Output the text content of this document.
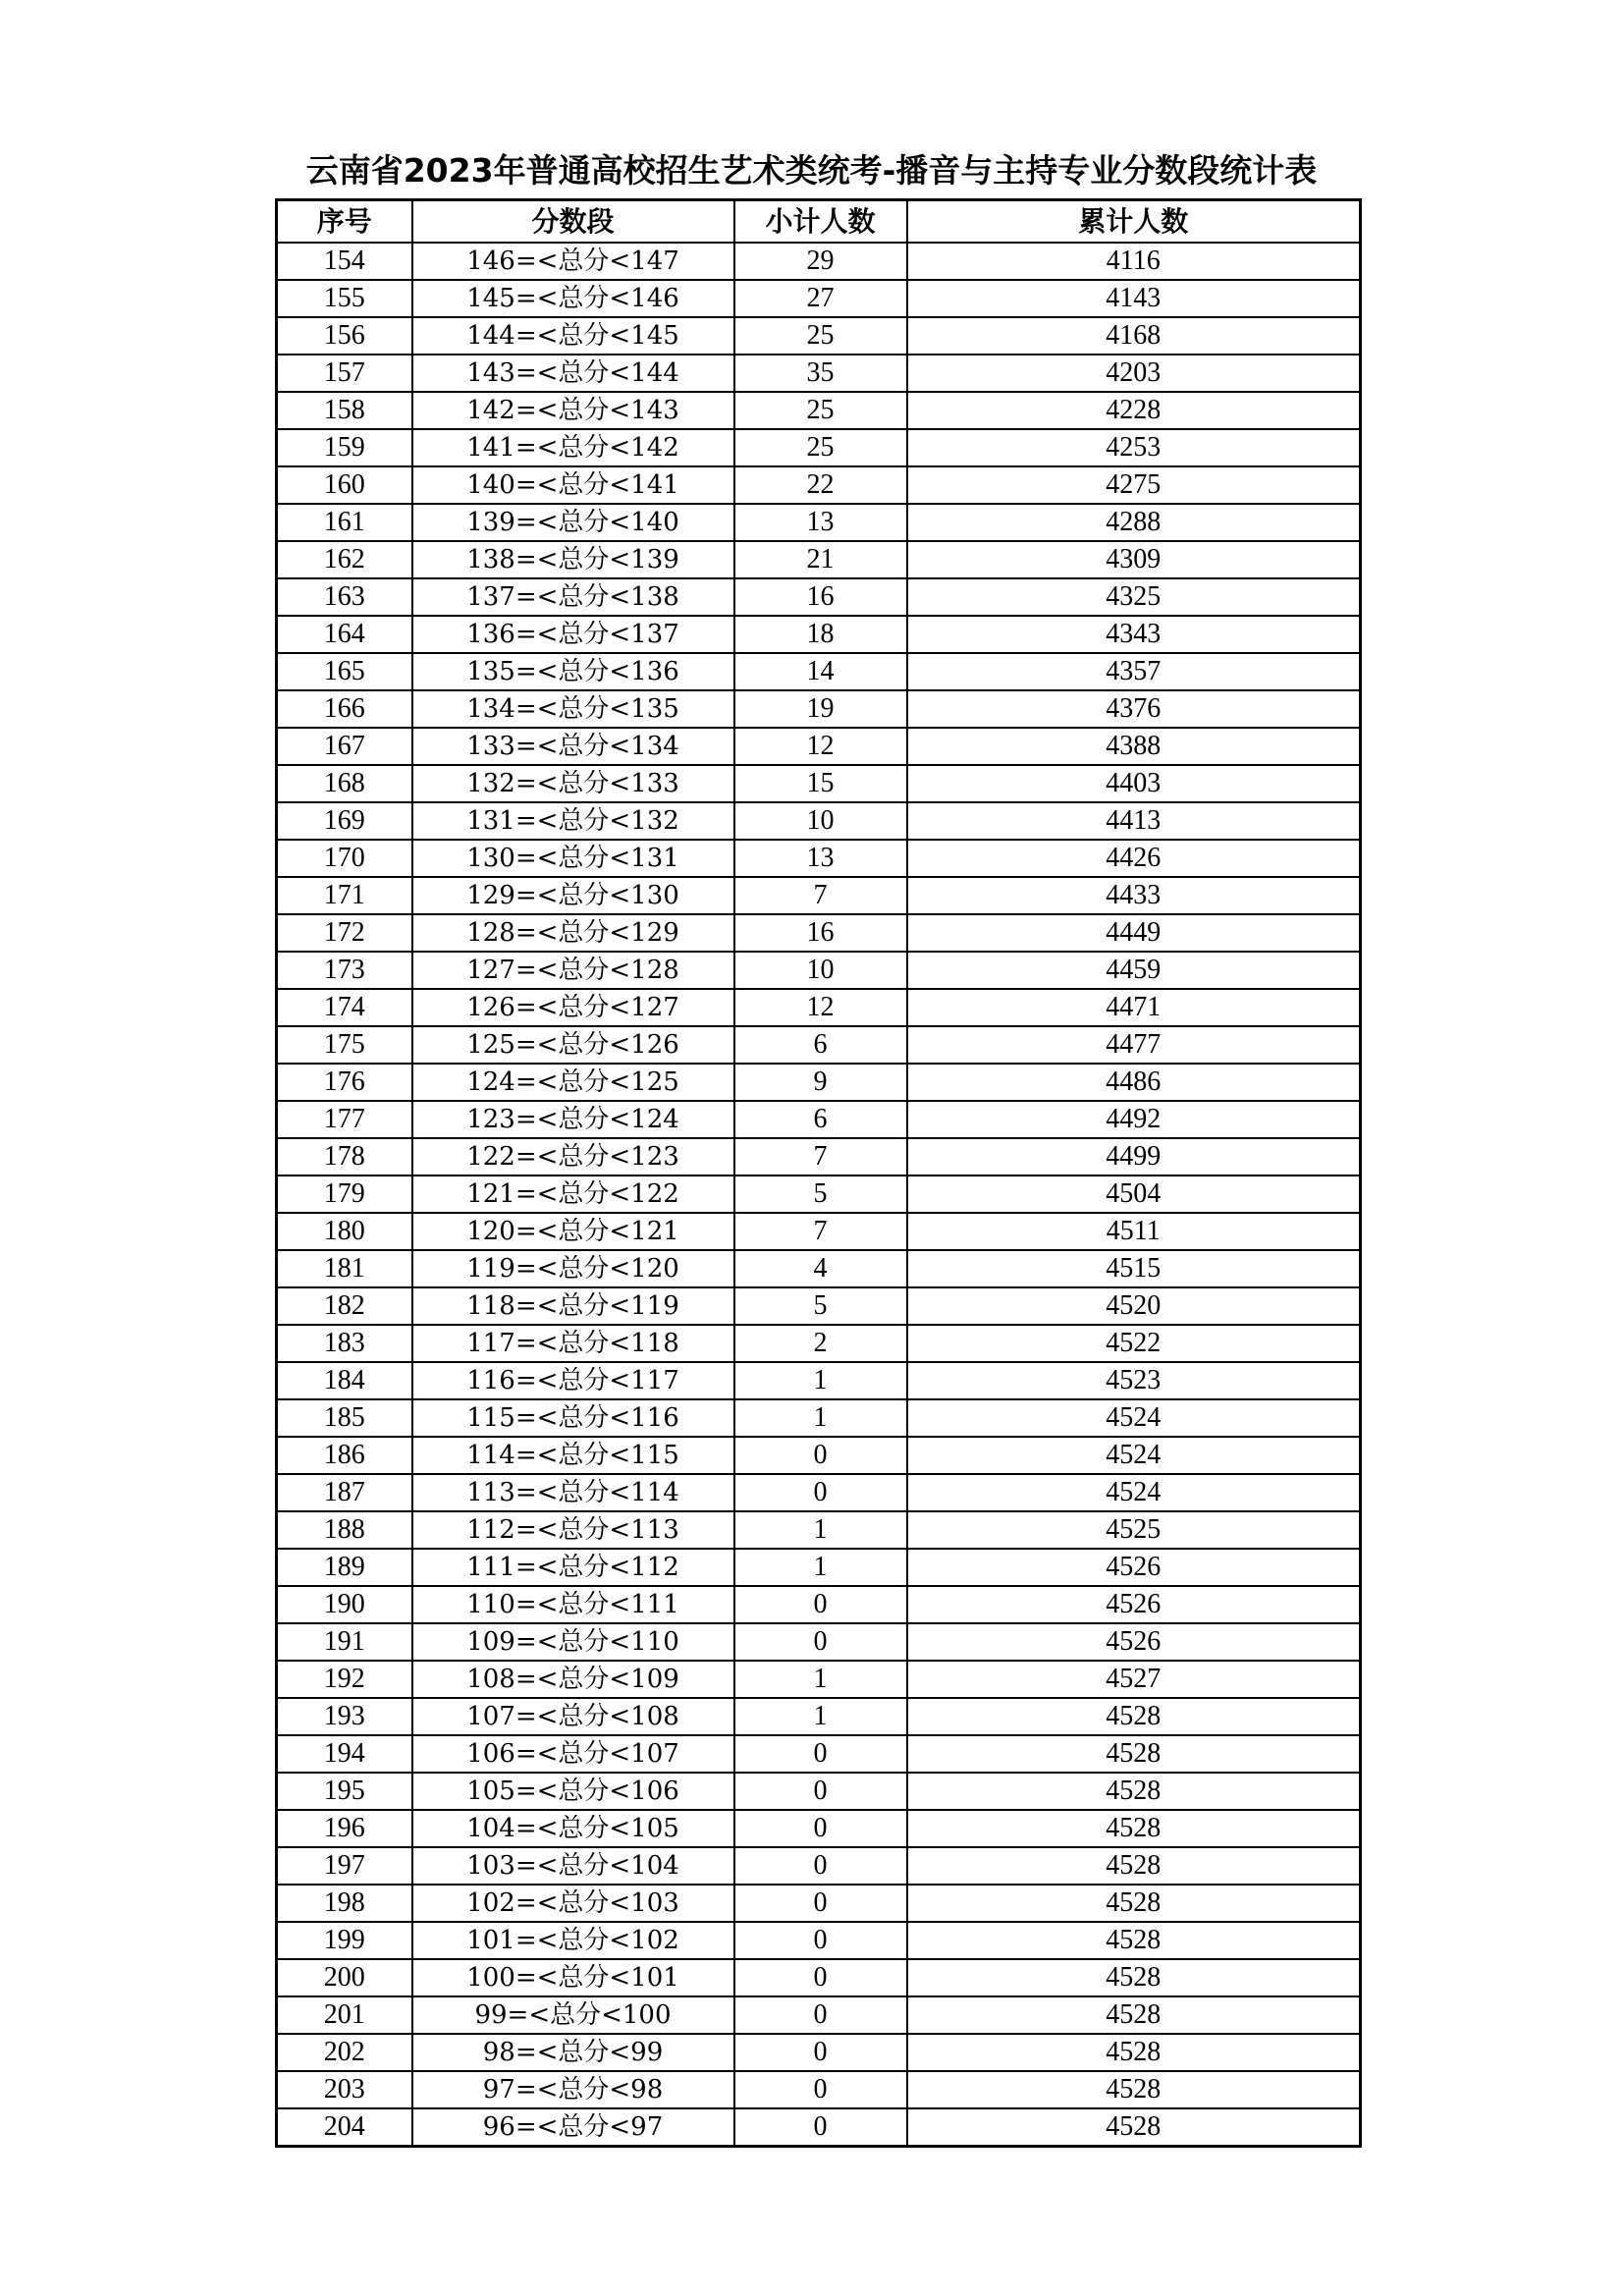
云南省2023年普通高校招生艺术类统考-播音与主持专业分数段统计表
序号	分数段	小计人数	累计人数
154	146=<总分<147	29	4116
155	145=<总分<146	27	4143
156	144=<总分<145	25	4168
157	143=<总分<144	35	4203
158	142=<总分<143	25	4228
159	141=<总分<142	25	4253
160	140=<总分<141	22	4275
161	139=<总分<140	13	4288
162	138=<总分<139	21	4309
163	137=<总分<138	16	4325
164	136=<总分<137	18	4343
165	135=<总分<136	14	4357
166	134=<总分<135	19	4376
167	133=<总分<134	12	4388
168	132=<总分<133	15	4403
169	131=<总分<132	10	4413
170	130=<总分<131	13	4426
171	129=<总分<130	7	4433
172	128=<总分<129	16	4449
173	127=<总分<128	10	4459
174	126=<总分<127	12	4471
175	125=<总分<126	6	4477
176	124=<总分<125	9	4486
177	123=<总分<124	6	4492
178	122=<总分<123	7	4499
179	121=<总分<122	5	4504
180	120=<总分<121	7	4511
181	119=<总分<120	4	4515
182	118=<总分<119	5	4520
183	117=<总分<118	2	4522
184	116=<总分<117	1	4523
185	115=<总分<116	1	4524
186	114=<总分<115	0	4524
187	113=<总分<114	0	4524
188	112=<总分<113	1	4525
189	111=<总分<112	1	4526
190	110=<总分<111	0	4526
191	109=<总分<110	0	4526
192	108=<总分<109	1	4527
193	107=<总分<108	1	4528
194	106=<总分<107	0	4528
195	105=<总分<106	0	4528
196	104=<总分<105	0	4528
197	103=<总分<104	0	4528
198	102=<总分<103	0	4528
199	101=<总分<102	0	4528
200	100=<总分<101	0	4528
201	99=<总分<100	0	4528
202	98=<总分<99	0	4528
203	97=<总分<98	0	4528
204	96=<总分<97	0	4528
